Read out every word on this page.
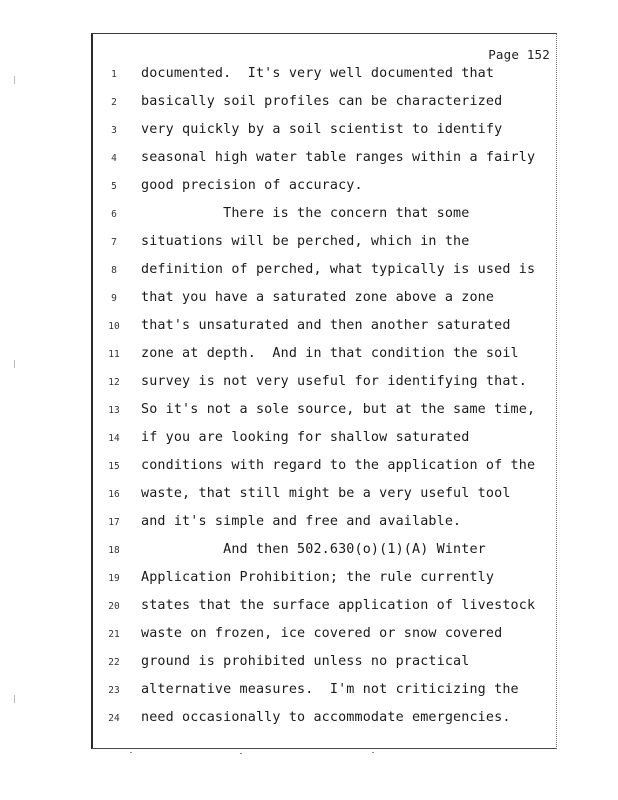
Page 152
1	documented.  It's very well documented that
2	basically soil profiles can be characterized
3	very quickly by a soil scientist to identify
4	seasonal high water table ranges within a fairly
5	good precision of accuracy.
6	There is the concern that some
7	situations will be perched, which in the
8	definition of perched, what typically is used is
9	that you have a saturated zone above a zone
10	that's unsaturated and then another saturated
11	zone at depth.  And in that condition the soil
12	survey is not very useful for identifying that.
13	So it's not a sole source, but at the same time,
14	if you are looking for shallow saturated
15	conditions with regard to the application of the
16	waste, that still might be a very useful tool
17	and it's simple and free and available.
18	And then 502.630(o)(1)(A) Winter
19	Application Prohibition; the rule currently
20	states that the surface application of livestock
21	waste on frozen, ice covered or snow covered
22	ground is prohibited unless no practical
23	alternative measures.  I'm not criticizing the
24	need occasionally to accommodate emergencies.
